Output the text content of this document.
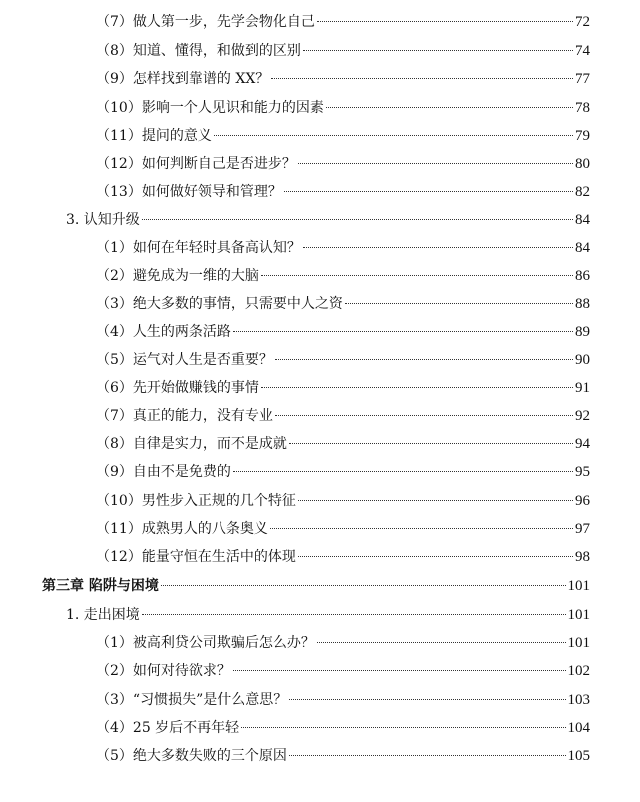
（7）做人第一步，先学会物化自己	72
（8）知道、懂得，和做到的区别	74
（9）怎样找到靠谱的 XX？	77
（10）影响一个人见识和能力的因素	78
（11）提问的意义	79
（12）如何判断自己是否进步？	80
（13）如何做好领导和管理？	82
3. 认知升级	84
（1）如何在年轻时具备高认知？	84
（2）避免成为一维的大脑	86
（3）绝大多数的事情，只需要中人之资	88
（4）人生的两条活路	89
（5）运气对人生是否重要？	90
（6）先开始做赚钱的事情	91
（7）真正的能力，没有专业	92
（8）自律是实力，而不是成就	94
（9）自由不是免费的	95
（10）男性步入正规的几个特征	96
（11）成熟男人的八条奥义	97
（12）能量守恒在生活中的体现	98
第三章 陷阱与困境	101
1. 走出困境	101
（1）被高利贷公司欺骗后怎么办？	101
（2）如何对待欲求？	102
（3）“习惯损失”是什么意思？	103
（4）25 岁后不再年轻	104
（5）绝大多数失败的三个原因	105
